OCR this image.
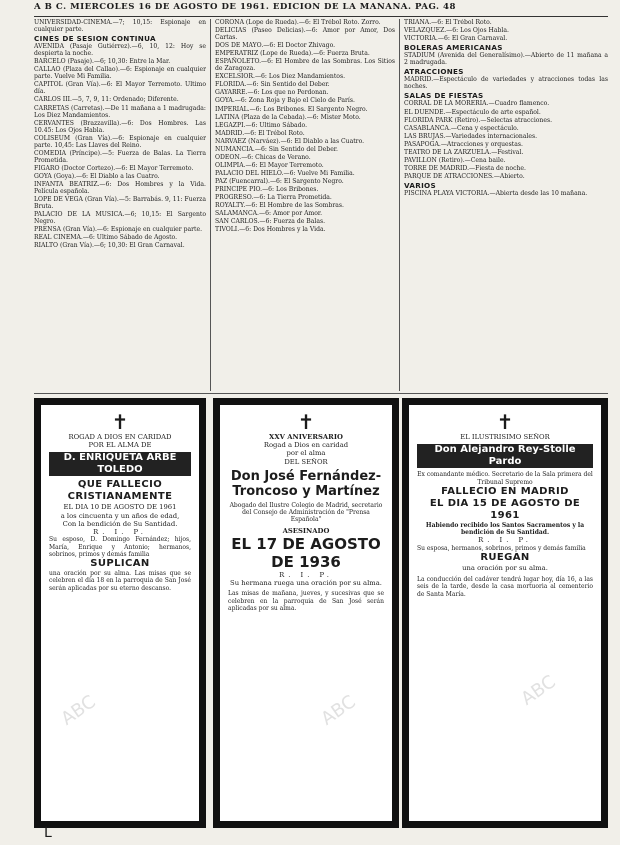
A B C. MIERCOLES 16 DE AGOSTO DE 1961. EDICION DE LA MAÑANA. PAG. 48

UNIVERSIDAD-CINEMA.—7; 10,15: Espionaje en cualquier parte.

CINES DE SESION CONTINUA

AVENIDA (Pasaje Gutiérrez).—6, 10, 12: Hoy se despierta la noche.

BARCELO (Pasaje).—6; 10,30: Entre la Mar.

CALLAO (Plaza del Callao).—6: Espionaje en cualquier parte. Vuelve Mi Familia.

CAPITOL (Gran Vía).—6: El Mayor Terremoto. Ultimo día.

CARLOS III.—5, 7, 9, 11: Ordenado; Diferente.

CARRETAS (Carretas).—De 11 mañana a 1 madrugada: Los Diez Mandamientos.

CERVANTES (Brazzavilla).—6: Dos Hombres. Las 10.45: Los Ojos Habla.

COLISEUM (Gran Vía).—6: Espionaje en cualquier parte. 10,45: Las Llaves del Reino.

COMEDIA (Príncipe).—5: Fuerza de Balas. La Tierra Prometida.

FIGARO (Doctor Cortezo).—6: El Mayor Terremoto.

GOYA (Goya).—6: El Diablo a las Cuatro.

INFANTA BEATRIZ.—6: Dos Hombres y la Vida. Película española.

LOPE DE VEGA (Gran Vía).—5: Barrabás. 9, 11: Fuerza Bruta.

PALACIO DE LA MUSICA.—6; 10,15: El Sargento Negro.

PRENSA (Gran Vía).—6: Espionaje en cualquier parte.

REAL CINEMA.—6: Ultimo Sábado de Agosto.

RIALTO (Gran Vía).—6; 10,30: El Gran Carnaval.

CORONA (Lope de Rueda).—6: El Trébol Roto. Zorro.

DELICIAS (Paseo Delicias).—6: Amor por Amor, Dos Cartas.

DOS DE MAYO.—6: El Doctor Zhivago.

EMPERATRIZ (Lope de Rueda).—6: Fuerza Bruta.

ESPAÑOLETO.—6: El Hombre de las Sombras. Los Sitios de Zaragoza.

EXCELSIOR.—6: Los Diez Mandamientos.

FLORIDA.—6: Sin Sentido del Deber.

GAYARRE.—6: Los que no Perdonan.

GOYA.—6: Zona Roja y Bajo el Cielo de París.

IMPERIAL.—6: Los Bribones. El Sargento Negro.

LATINA (Plaza de la Cebada).—6: Mister Moto.

LEGAZPI.—6: Ultimo Sábado.

MADRID.—6: El Trébol Roto.

NARVAEZ (Narváez).—6: El Diablo a las Cuatro.

NUMANCIA.—6: Sin Sentido del Deber.

ODEON.—6: Chicas de Verano.

OLIMPIA.—6: El Mayor Terremoto.

PALACIO DEL HIELO.—6: Vuelve Mi Familia.

PAZ (Fuencarral).—6: El Sargento Negro.

PRINCIPE PIO.—6: Los Bribones.

PROGRESO.—6: La Tierra Prometida.

ROYALTY.—6: El Hombre de las Sombras.

SALAMANCA.—6: Amor por Amor.

SAN CARLOS.—6: Fuerza de Balas.

TIVOLI.—6: Dos Hombres y la Vida.

TRIANA.—6: El Trébol Roto.

VELAZQUEZ.—6: Los Ojos Habla.

VICTORIA.—6: El Gran Carnaval.

BOLERAS AMERICANAS

STADIUM (Avenida del Generalísimo).—Abierto de 11 mañana a 2 madrugada.

ATRACCIONES

MADRID.—Espectáculo de variedades y atracciones todas las noches.

SALAS DE FIESTAS

CORRAL DE LA MORERIA.—Cuadro flamenco.

EL DUENDE.—Espectáculo de arte español.

FLORIDA PARK (Retiro).—Selectas atracciones.

CASABLANCA.—Cena y espectáculo.

LAS BRUJAS.—Variedades internacionales.

PASAPOGA.—Atracciones y orquestas.

TEATRO DE LA ZARZUELA.—Festival.

PAVILLON (Retiro).—Cena baile.

TORRE DE MADRID.—Fiesta de noche.

PARQUE DE ATRACCIONES.—Abierto.

VARIOS

PISCINA PLAYA VICTORIA.—Abierta desde las 10 mañana.

✝

ROGAD A DIOS EN CARIDAD

POR EL ALMA DE

D. ENRIQUETA ARBE TOLEDO

QUE FALLECIO

CRISTIANAMENTE

EL DIA 10 DE AGOSTO DE 1961

a los cincuenta y un años de edad,

Con la bendición de Su Santidad.

R. I. P.

Su esposo, D. Domingo Fernández; hijos, María, Enrique y Antonio; hermanos, sobrinos, primos y demás familia

SUPLICAN

una oración por su alma. Las misas que se celebren el día 18 en la parroquia de San José serán aplicadas por su eterno descanso.

✝

XXV ANIVERSARIO

Rogad a Dios en caridad

por el alma

DEL SEÑOR

Don José Fernández-Troncoso y Martínez

Abogado del Ilustre Colegio de Madrid, secretario del Consejo de Administración de "Prensa Española"

ASESINADO

EL 17 DE AGOSTO DE 1936

R. I. P.

Su hermana ruega una oración por su alma.

Las misas de mañana, jueves, y sucesivas que se celebren en la parroquia de San José serán aplicadas por su alma.

✝

EL ILUSTRISIMO SEÑOR

Don Alejandro Rey-Stolle Pardo

Ex comandante médico. Secretario de la Sala primera del Tribunal Supremo

FALLECIO EN MADRID

EL DIA 15 DE AGOSTO DE 1961

Habiendo recibido los Santos Sacramentos y la bendición de Su Santidad.

R. I. P.

Su esposa, hermanos, sobrinos, primos y demás familia

RUEGAN

una oración por su alma.

La conducción del cadáver tendrá lugar hoy, día 16, a las seis de la tarde, desde la casa mortuoria al cementerio de Santa María.

ABC	ABC
ABC
L
